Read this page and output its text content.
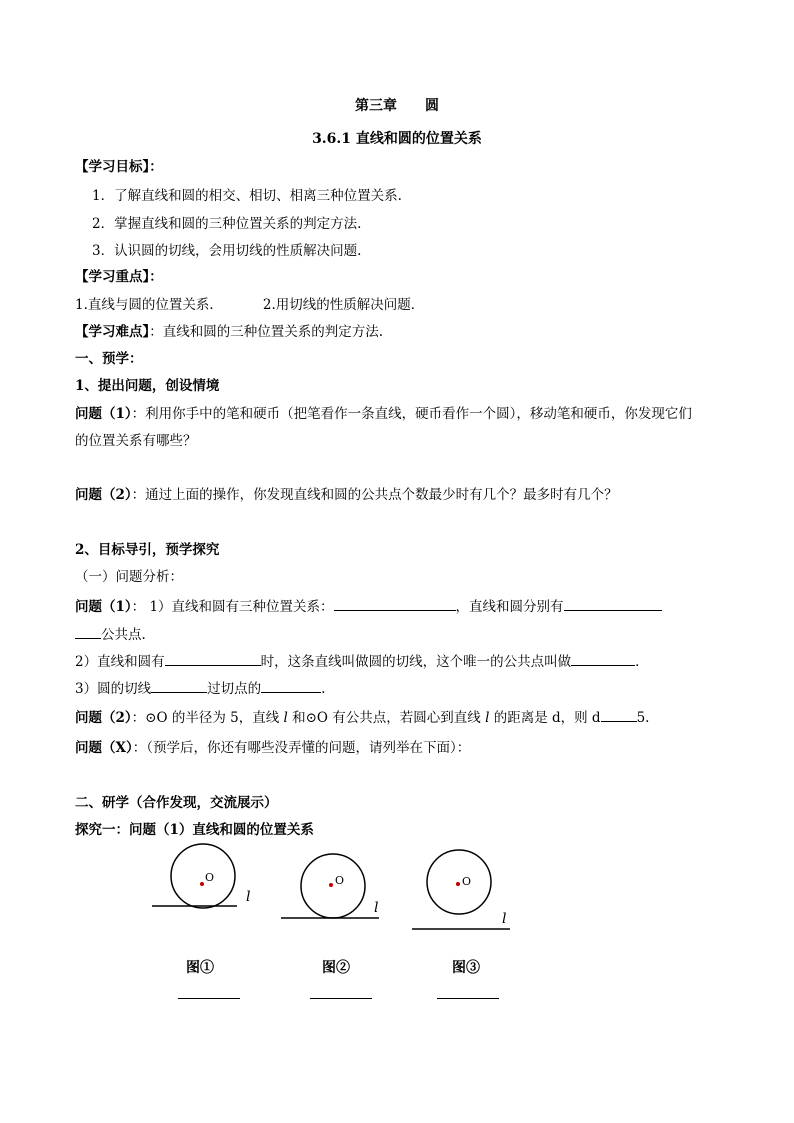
第三章　　圆
3.6.1 直线和圆的位置关系
【学习目标】：
1．了解直线和圆的相交、相切、相离三种位置关系.
2．掌握直线和圆的三种位置关系的判定方法.
3．认识圆的切线，会用切线的性质解决问题.
【学习重点】：
1.直线与圆的位置关系．	2.用切线的性质解决问题．
【学习难点】：直线和圆的三种位置关系的判定方法.
一、预学：
1、提出问题，创设情境
问题（1）：利用你手中的笔和硬币（把笔看作一条直线，硬币看作一个圆），移动笔和硬币，你发现它们
的位置关系有哪些？
问题（2）：通过上面的操作，你发现直线和圆的公共点个数最少时有几个？最多时有几个？
2、目标导引，预学探究
（一）问题分析：
问题（1）： 1）直线和圆有三种位置关系：	，直线和圆分别有
公共点.
2）直线和圆有	时，这条直线叫做圆的切线，这个唯一的公共点叫做	．
3）圆的切线	过切点的	.
问题（2）：⊙O 的半径为 5，直线 l 和⊙O 有公共点，若圆心到直线 l 的距离是 d，则 d	5.
问题（X）：（预学后，你还有哪些没弄懂的问题，请列举在下面）：
二、研学（合作发现，交流展示）
探究一：问题（1）直线和圆的位置关系
O
l
O
l
O
l
图①	图②	图③
